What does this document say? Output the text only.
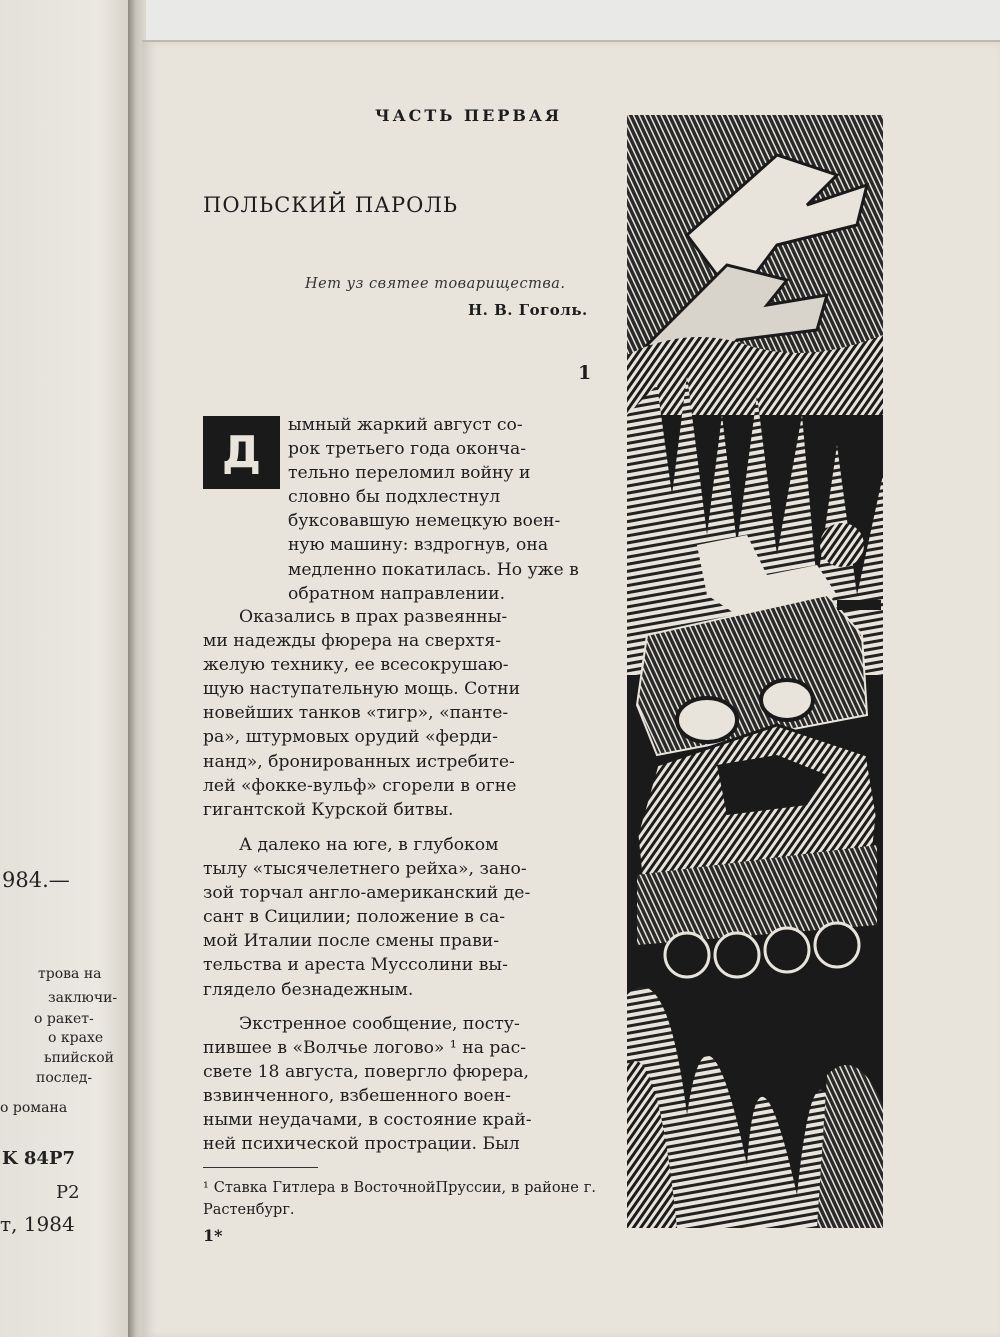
984.—
трова на
заключи-
о ракет-
о крахе
ьпийской
послед-
о романа
K 84P7
P2
т, 1984
ЧАСТЬ ПЕРВАЯ
ПОЛЬСКИЙ ПАРОЛЬ
Нет уз святее товарищества.
Н. В. Гоголь.
1
Д
ымный жаркий август со-
рок третьего года оконча-
тельно переломил войну и
словно бы подхлестнул
буксовавшую немецкую воен-
ную машину: вздрогнув, она
медленно покатилась. Но уже в
обратном направлении.
Оказались в прах развеянны-
ми надежды фюрера на сверхтя-
желую технику, ее всесокрушаю-
щую наступательную мощь. Сотни
новейших танков «тигр», «панте-
ра», штурмовых орудий «ферди-
нанд», бронированных истребите-
лей «фокке-вульф» сгорели в огне
гигантской Курской битвы.
А далеко на юге, в глубоком
тылу «тысячелетнего рейха», зано-
зой торчал англо-американский де-
сант в Сицилии; положение в са-
мой Италии после смены прави-
тельства и ареста Муссолини вы-
глядело безнадежным.
Экстренное сообщение, посту-
пившее в «Волчье логово» ¹ на рас-
свете 18 августа, повергло фюрера,
взвинченного, взбешенного воен-
ными неудачами, в состояние край-
ней психической прострации. Был
¹ Ставка Гитлера в ВосточнойПруссии, в районе г. Растенбург.
1*
